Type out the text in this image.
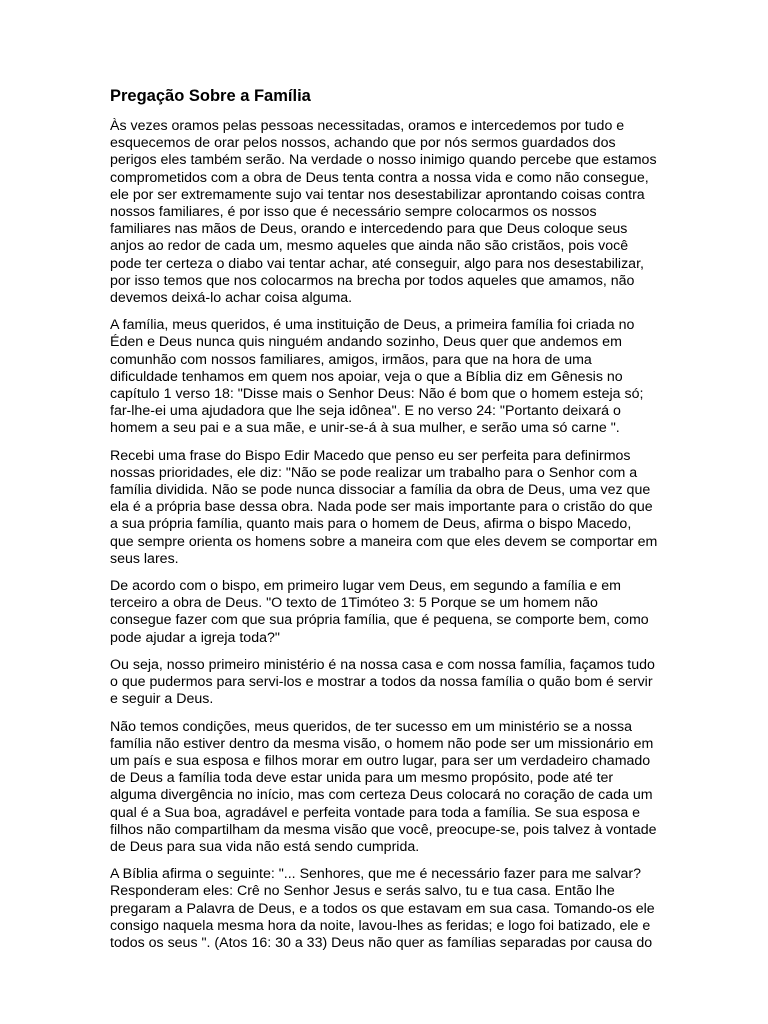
Pregação Sobre a Família

Às vezes oramos pelas pessoas necessitadas, oramos e intercedemos por tudo e
esquecemos de orar pelos nossos, achando que por nós sermos guardados dos
perigos eles também serão. Na verdade o nosso inimigo quando percebe que estamos
comprometidos com a obra de Deus tenta contra a nossa vida e como não consegue,
ele por ser extremamente sujo vai tentar nos desestabilizar aprontando coisas contra
nossos familiares, é por isso que é necessário sempre colocarmos os nossos
familiares nas mãos de Deus, orando e intercedendo para que Deus coloque seus
anjos ao redor de cada um, mesmo aqueles que ainda não são cristãos, pois você
pode ter certeza o diabo vai tentar achar, até conseguir, algo para nos desestabilizar,
por isso temos que nos colocarmos na brecha por todos aqueles que amamos, não
devemos deixá-lo achar coisa alguma.

A família, meus queridos, é uma instituição de Deus, a primeira família foi criada no
Éden e Deus nunca quis ninguém andando sozinho, Deus quer que andemos em
comunhão com nossos familiares, amigos, irmãos, para que na hora de uma
dificuldade tenhamos em quem nos apoiar, veja o que a Bíblia diz em Gênesis no
capítulo 1 verso 18: "Disse mais o Senhor Deus: Não é bom que o homem esteja só;
far-lhe-ei uma ajudadora que lhe seja idônea". E no verso 24: "Portanto deixará o
homem a seu pai e a sua mãe, e unir-se-á à sua mulher, e serão uma só carne ".

Recebi uma frase do Bispo Edir Macedo que penso eu ser perfeita para definirmos
nossas prioridades, ele diz: "Não se pode realizar um trabalho para o Senhor com a
família dividida. Não se pode nunca dissociar a família da obra de Deus, uma vez que
ela é a própria base dessa obra. Nada pode ser mais importante para o cristão do que
a sua própria família, quanto mais para o homem de Deus, afirma o bispo Macedo,
que sempre orienta os homens sobre a maneira com que eles devem se comportar em
seus lares.

De acordo com o bispo, em primeiro lugar vem Deus, em segundo a família e em
terceiro a obra de Deus. "O texto de 1Timóteo 3: 5 Porque se um homem não
consegue fazer com que sua própria família, que é pequena, se comporte bem, como
pode ajudar a igreja toda?"

Ou seja, nosso primeiro ministério é na nossa casa e com nossa família, façamos tudo
o que pudermos para servi-los e mostrar a todos da nossa família o quão bom é servir
e seguir a Deus.

Não temos condições, meus queridos, de ter sucesso em um ministério se a nossa
família não estiver dentro da mesma visão, o homem não pode ser um missionário em
um país e sua esposa e filhos morar em outro lugar, para ser um verdadeiro chamado
de Deus a família toda deve estar unida para um mesmo propósito, pode até ter
alguma divergência no início, mas com certeza Deus colocará no coração de cada um
qual é a Sua boa, agradável e perfeita vontade para toda a família. Se sua esposa e
filhos não compartilham da mesma visão que você, preocupe-se, pois talvez à vontade
de Deus para sua vida não está sendo cumprida.

A Bíblia afirma o seguinte: "... Senhores, que me é necessário fazer para me salvar?
Responderam eles: Crê no Senhor Jesus e serás salvo, tu e tua casa. Então lhe
pregaram a Palavra de Deus, e a todos os que estavam em sua casa. Tomando-os ele
consigo naquela mesma hora da noite, lavou-lhes as feridas; e logo foi batizado, ele e
todos os seus ". (Atos 16: 30 a 33) Deus não quer as famílias separadas por causa do
